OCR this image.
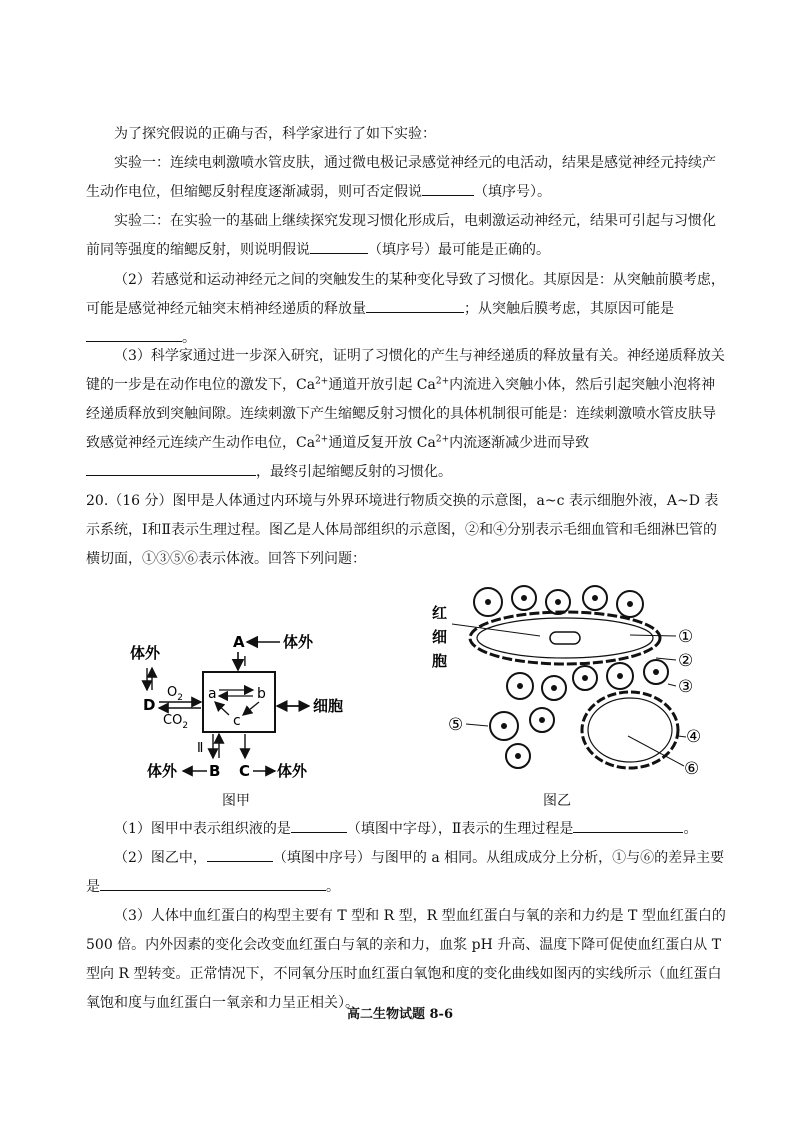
为了探究假说的正确与否，科学家进行了如下实验：

实验一：连续电刺激喷水管皮肤，通过微电极记录感觉神经元的电活动，结果是感觉神经元持续产生动作电位，但缩鳃反射程度逐渐减弱，则可否定假说	（填序号）。

实验二：在实验一的基础上继续探究发现习惯化形成后，电刺激运动神经元，结果可引起与习惯化前同等强度的缩鳃反射，则说明假说	（填序号）最可能是正确的。

（2）若感觉和运动神经元之间的突触发生的某种变化导致了习惯化。其原因是：从突触前膜考虑，可能是感觉神经元轴突末梢神经递质的释放量	；从突触后膜考虑，其原因可能是。

（3）科学家通过进一步深入研究，证明了习惯化的产生与神经递质的释放量有关。神经递质释放关键的一步是在动作电位的激发下，$Ca^{2+}$通道开放引起 $Ca^{2+}$内流进入突触小体，然后引起突触小泡将神经递质释放到突触间隙。连续刺激下产生缩鳃反射习惯化的具体机制很可能是：连续刺激喷水管皮肤导致感觉神经元连续产生动作电位，$Ca^{2+}$通道反复开放 $Ca^{2+}$内流逐渐减少进而导致，最终引起缩鳃反射的习惯化。

20.（16 分）图甲是人体通过内环境与外界环境进行物质交换的示意图，a~c 表示细胞外液，A~D 表示系统，Ⅰ和Ⅱ表示生理过程。图乙是人体局部组织的示意图，②和④分别表示毛细血管和毛细淋巴管的横切面，①③⑤⑥表示体液。回答下列问题：

A	体外
Ⅰ
体外
D
$O_2$
$CO_2$
a	b
c
细胞
Ⅱ
B
体外	C 体外
图甲
红
细
胞
①
②
③
④
⑥
⑤
图乙

（1）图甲中表示组织液的是	（填图中字母），Ⅱ表示的生理过程是	。

（2）图乙中，	（填图中序号）与图甲的 a 相同。从组成成分上分析，①与⑥的差异主要是	。

（3）人体中血红蛋白的构型主要有 T 型和 R 型，R 型血红蛋白与氧的亲和力约是 T 型血红蛋白的 500 倍。内外因素的变化会改变血红蛋白与氧的亲和力，血浆 pH 升高、温度下降可促使血红蛋白从 T 型向 R 型转变。正常情况下，不同氧分压时血红蛋白氧饱和度的变化曲线如图丙的实线所示（血红蛋白氧饱和度与血红蛋白一氧亲和力呈正相关）。

高二生物试题 8-6
